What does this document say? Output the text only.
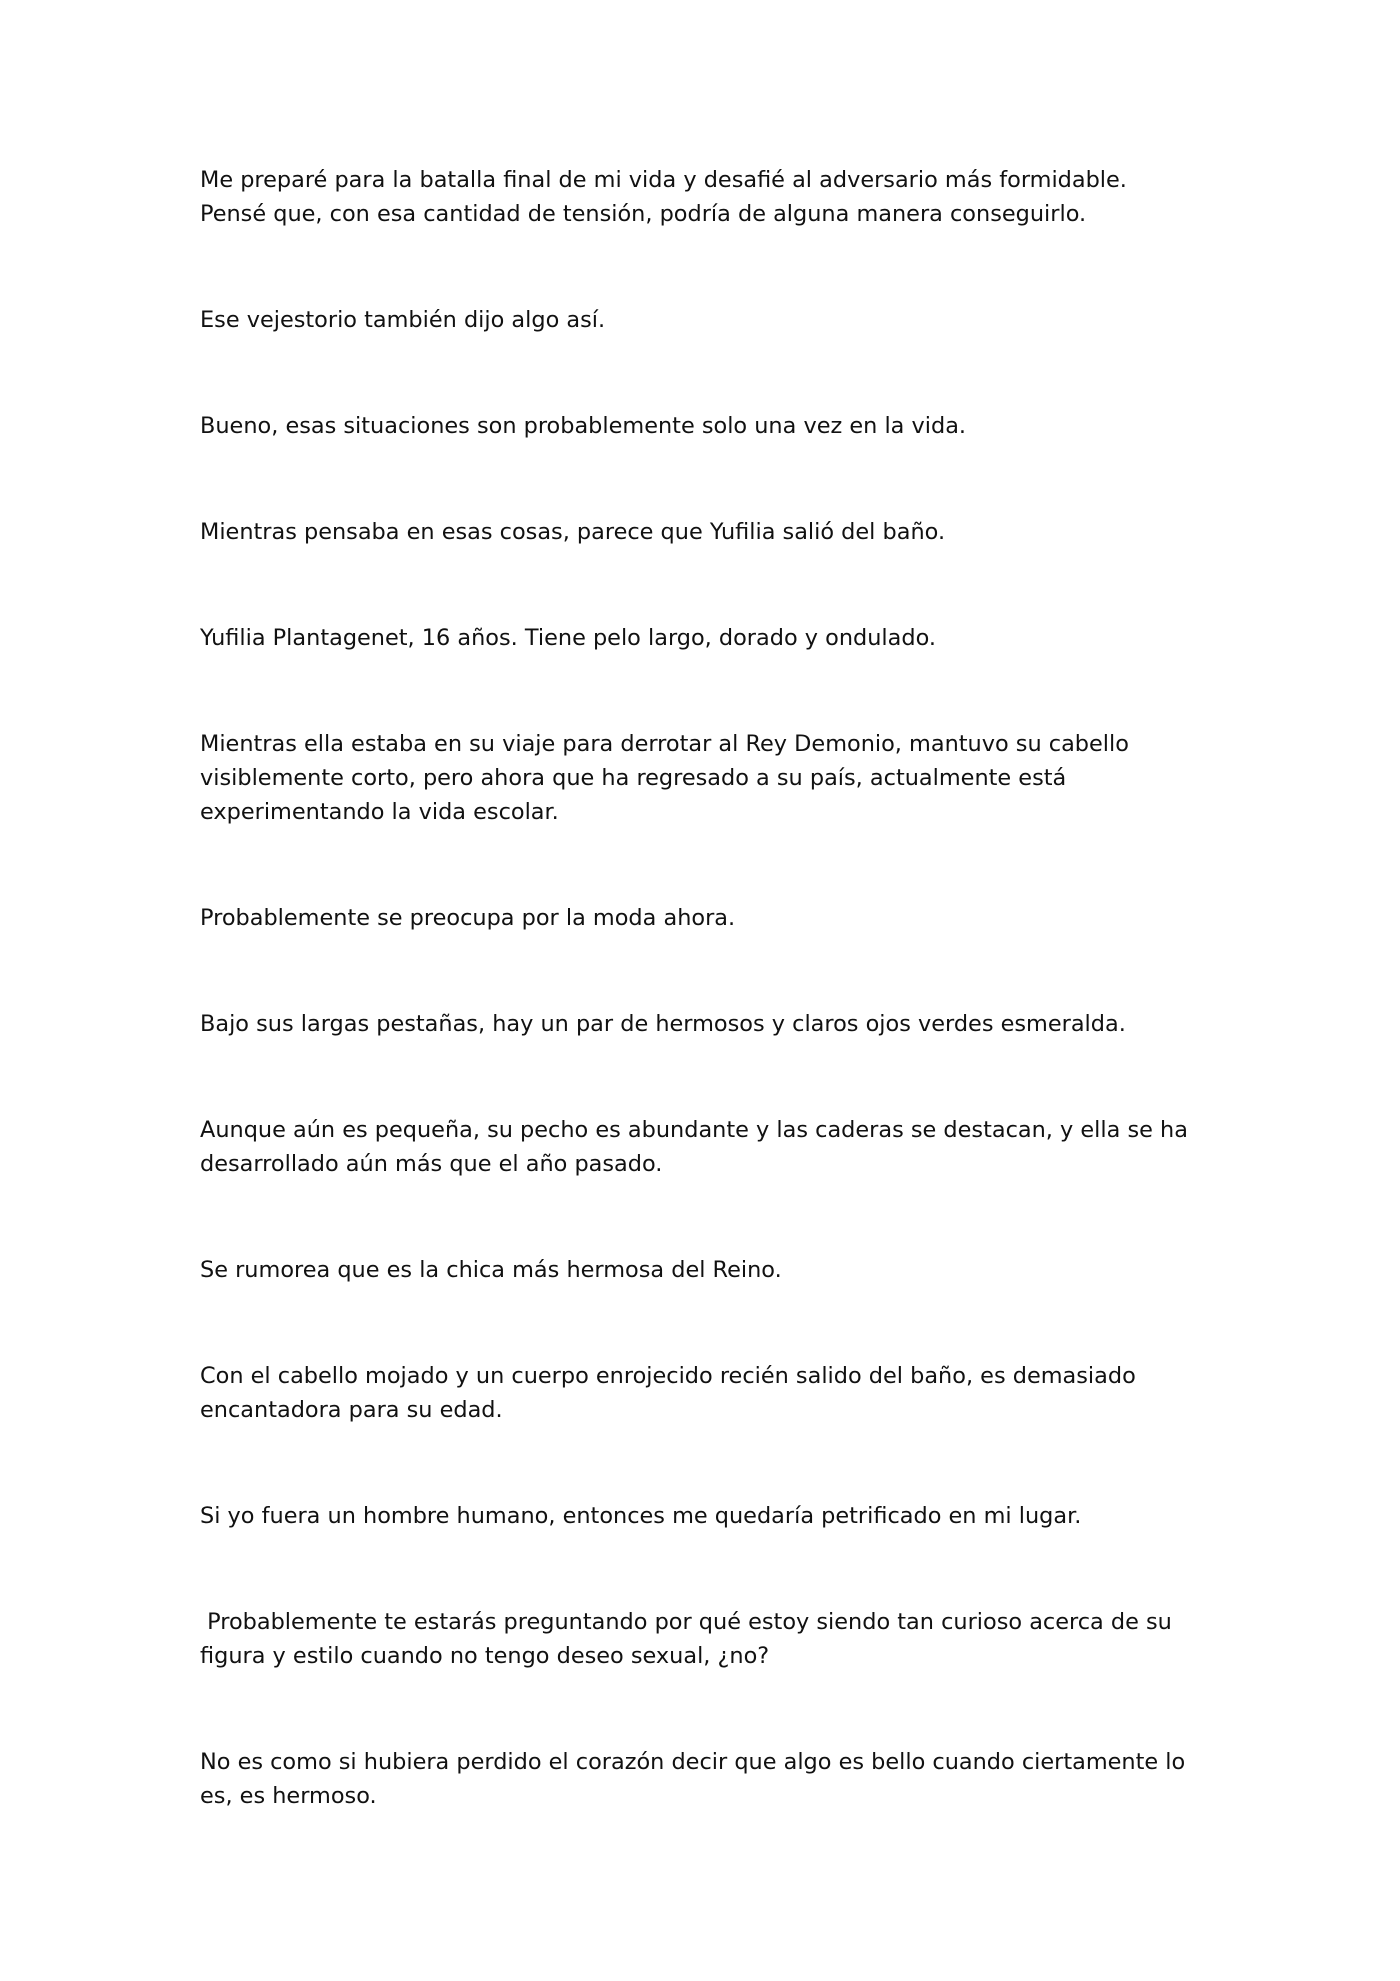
Me preparé para la batalla final de mi vida y desafié al adversario más formidable. Pensé que, con esa cantidad de tensión, podría de alguna manera conseguirlo.

Ese vejestorio también dijo algo así.

Bueno, esas situaciones son probablemente solo una vez en la vida.

Mientras pensaba en esas cosas, parece que Yufilia salió del baño.

Yufilia Plantagenet, 16 años. Tiene pelo largo, dorado y ondulado.

Mientras ella estaba en su viaje para derrotar al Rey Demonio, mantuvo su cabello visiblemente corto, pero ahora que ha regresado a su país, actualmente está experimentando la vida escolar.

Probablemente se preocupa por la moda ahora.

Bajo sus largas pestañas, hay un par de hermosos y claros ojos verdes esmeralda.

Aunque aún es pequeña, su pecho es abundante y las caderas se destacan, y ella se ha desarrollado aún más que el año pasado.

Se rumorea que es la chica más hermosa del Reino.

Con el cabello mojado y un cuerpo enrojecido recién salido del baño, es demasiado encantadora para su edad.

Si yo fuera un hombre humano, entonces me quedaría petrificado en mi lugar.

Probablemente te estarás preguntando por qué estoy siendo tan curioso acerca de su figura y estilo cuando no tengo deseo sexual, ¿no?

No es como si hubiera perdido el corazón decir que algo es bello cuando ciertamente lo es, es hermoso.
